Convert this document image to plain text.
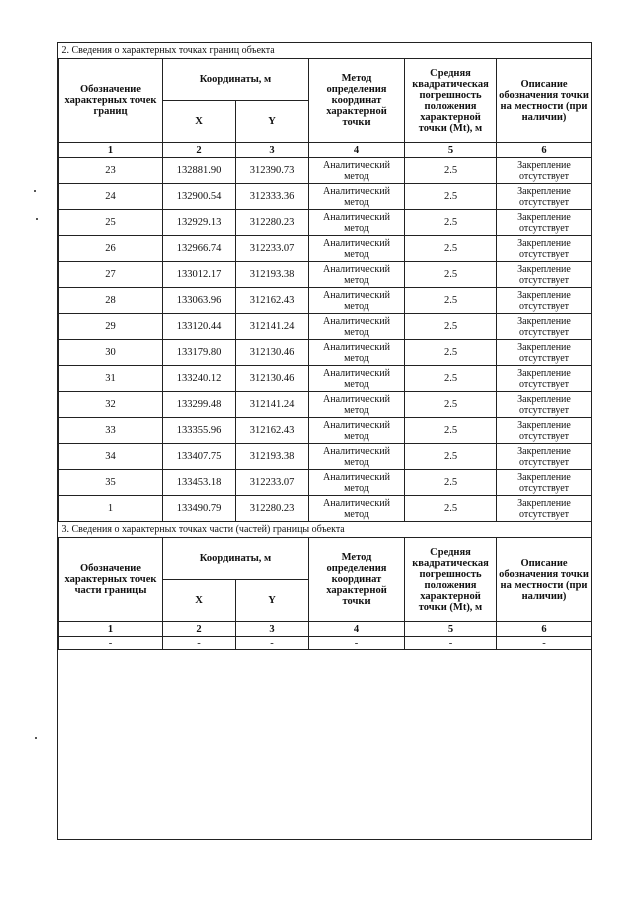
2. Сведения о характерных точках границ объекта					
Обозначение характерных точек границ	Координаты, м		Метод определения координат характерной точки	Средняя квадратическая погрешность положения характерной точки (Mt), м	Описание обозначения точки на местности (при наличии)
	X	Y			
1	2	3	4	5	6
23	132881.90	312390.73	Аналитический метод	2.5	Закрепление отсутствует
24	132900.54	312333.36	Аналитический метод	2.5	Закрепление отсутствует
25	132929.13	312280.23	Аналитический метод	2.5	Закрепление отсутствует
26	132966.74	312233.07	Аналитический метод	2.5	Закрепление отсутствует
27	133012.17	312193.38	Аналитический метод	2.5	Закрепление отсутствует
28	133063.96	312162.43	Аналитический метод	2.5	Закрепление отсутствует
29	133120.44	312141.24	Аналитический метод	2.5	Закрепление отсутствует
30	133179.80	312130.46	Аналитический метод	2.5	Закрепление отсутствует
31	133240.12	312130.46	Аналитический метод	2.5	Закрепление отсутствует
32	133299.48	312141.24	Аналитический метод	2.5	Закрепление отсутствует
33	133355.96	312162.43	Аналитический метод	2.5	Закрепление отсутствует
34	133407.75	312193.38	Аналитический метод	2.5	Закрепление отсутствует
35	133453.18	312233.07	Аналитический метод	2.5	Закрепление отсутствует
1	133490.79	312280.23	Аналитический метод	2.5	Закрепление отсутствует
3. Сведения о характерных точках части (частей) границы объекта					
Обозначение характерных точек части границы	Координаты, м		Метод определения координат характерной точки	Средняя квадратическая погрешность положения характерной точки (Mt), м	Описание обозначения точки на местности (при наличии)
	X	Y			
1	2	3	4	5	6
-	-	-	-	-	-
